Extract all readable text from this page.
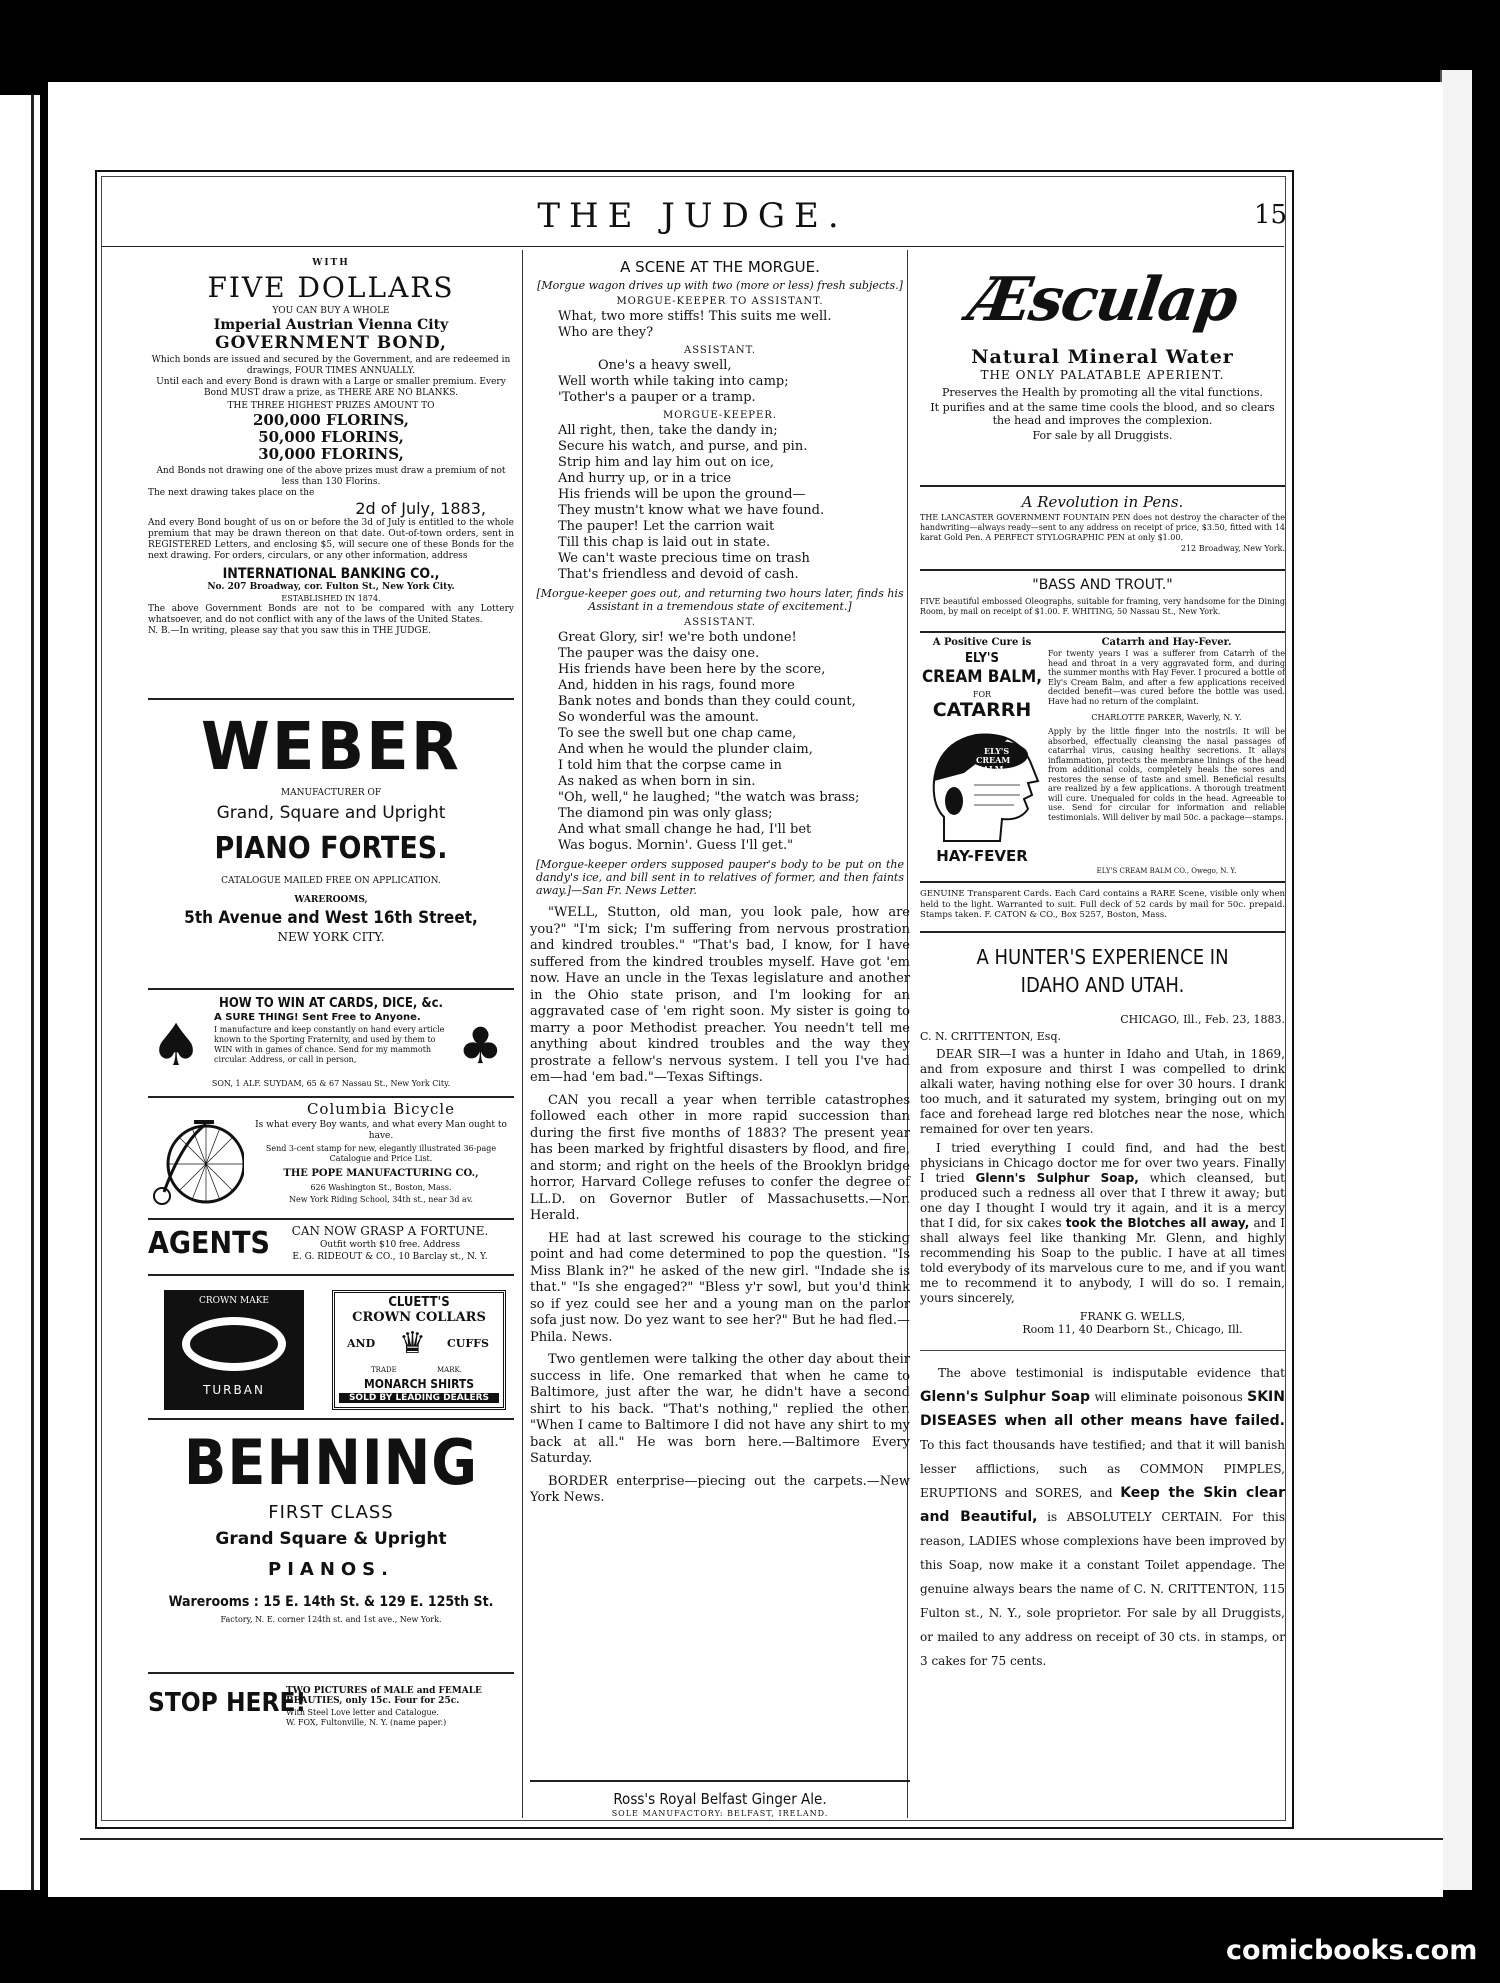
THE JUDGE.	15
WITH
FIVE DOLLARS
YOU CAN BUY A WHOLE
Imperial Austrian Vienna City
GOVERNMENT BOND,
Which bonds are issued and secured by the Government, and are redeemed in drawings, FOUR TIMES ANNUALLY.
Until each and every Bond is drawn with a Large or smaller premium. Every Bond MUST draw a prize, as THERE ARE NO BLANKS.
THE THREE HIGHEST PRIZES AMOUNT TO
200,000 FLORINS,
50,000 FLORINS,
30,000 FLORINS,
And Bonds not drawing one of the above prizes must draw a premium of not less than 130 Florins.
The next drawing takes place on the
2d of July, 1883,
And every Bond bought of us on or before the 3d of July is entitled to the whole premium that may be drawn thereon on that date. Out-of-town orders, sent in REGISTERED Letters, and enclosing $5, will secure one of these Bonds for the next drawing. For orders, circulars, or any other information, address
INTERNATIONAL BANKING CO.,
No. 207 Broadway, cor. Fulton St., New York City.
ESTABLISHED IN 1874.
The above Government Bonds are not to be compared with any Lottery whatsoever, and do not conflict with any of the laws of the United States.
N. B.—In writing, please say that you saw this in THE JUDGE.
WEBER
MANUFACTURER OF
Grand, Square and Upright
PIANO FORTES.
CATALOGUE MAILED FREE ON APPLICATION.
WAREROOMS,
5th Avenue and West 16th Street,
NEW YORK CITY.
HOW TO WIN AT CARDS, DICE, &c.
♠	♣
A SURE THING! Sent Free to Anyone.
I manufacture and keep constantly on hand every article known to the Sporting Fraternity, and used by them to WIN with in games of chance. Send for my mammoth circular. Address, or call in person,
SON, 1 ALF. SUYDAM, 65 & 67 Nassau St., New York City.
Columbia Bicycle
Is what every Boy wants, and what every Man ought to have.
Send 3-cent stamp for new, elegantly illustrated 36-page Catalogue and Price List.
THE POPE MANUFACTURING CO.,
626 Washington St., Boston, Mass.
New York Riding School, 34th st., near 3d av.
AGENTS	CAN NOW GRASP A FORTUNE.
Outfit worth $10 free. Address
E. G. RIDEOUT & CO., 10 Barclay st., N. Y.
CROWN MAKE
TURBAN
CLUETT'S
CROWN COLLARS
AND ♛ CUFFS
TRADE	MARK.
MONARCH SHIRTS
SOLD BY LEADING DEALERS
BEHNING
FIRST CLASS
Grand Square & Upright
PIANOS.
Warerooms : 15 E. 14th St. & 129 E. 125th St.
Factory, N. E. corner 124th st. and 1st ave., New York.
STOP HERE!
TWO PICTURES of MALE and FEMALE BEAUTIES, only 15c. Four for 25c.
With Steel Love letter and Catalogue.
W. FOX, Fultonville, N. Y. (name paper.)
A SCENE AT THE MORGUE.
[Morgue wagon drives up with two (more or less) fresh subjects.]
MORGUE-KEEPER TO ASSISTANT.
What, two more stiffs! This suits me well.
Who are they?
ASSISTANT.
One's a heavy swell,
Well worth while taking into camp;
'Tother's a pauper or a tramp.
MORGUE-KEEPER.
All right, then, take the dandy in;
Secure his watch, and purse, and pin.
Strip him and lay him out on ice,
And hurry up, or in a trice
His friends will be upon the ground—
They mustn't know what we have found.
The pauper! Let the carrion wait
Till this chap is laid out in state.
We can't waste precious time on trash
That's friendless and devoid of cash.
[Morgue-keeper goes out, and returning two hours later, finds his Assistant in a tremendous state of excitement.]
ASSISTANT.
Great Glory, sir! we're both undone!
The pauper was the daisy one.
His friends have been here by the score,
And, hidden in his rags, found more
Bank notes and bonds than they could count,
So wonderful was the amount.
To see the swell but one chap came,
And when he would the plunder claim,
I told him that the corpse came in
As naked as when born in sin.
"Oh, well," he laughed; "the watch was brass;
The diamond pin was only glass;
And what small change he had, I'll bet
Was bogus. Mornin'. Guess I'll get."
[Morgue-keeper orders supposed pauper's body to be put on the dandy's ice, and bill sent in to relatives of former, and then faints away.]—San Fr. News Letter.
"WELL, Stutton, old man, you look pale, how are you?" "I'm sick; I'm suffering from nervous prostration and kindred troubles." "That's bad, I know, for I have suffered from the kindred troubles myself. Have got 'em now. Have an uncle in the Texas legislature and another in the Ohio state prison, and I'm looking for an aggravated case of 'em right soon. My sister is going to marry a poor Methodist preacher. You needn't tell me anything about kindred troubles and the way they prostrate a fellow's nervous system. I tell you I've had em—had 'em bad."—Texas Siftings.
CAN you recall a year when terrible catastrophes followed each other in more rapid succession than during the first five months of 1883? The present year has been marked by frightful disasters by flood, and fire, and storm; and right on the heels of the Brooklyn bridge horror, Harvard College refuses to confer the degree of LL.D. on Governor Butler of Massachusetts.—Nor. Herald.
HE had at last screwed his courage to the sticking point and had come determined to pop the question. "Is Miss Blank in?" he asked of the new girl. "Indade she is that." "Is she engaged?" "Bless y'r sowl, but you'd think so if yez could see her and a young man on the parlor sofa just now. Do yez want to see her?" But he had fled.—Phila. News.
Two gentlemen were talking the other day about their success in life. One remarked that when he came to Baltimore, just after the war, he didn't have a second shirt to his back. "That's nothing," replied the other. "When I came to Baltimore I did not have any shirt to my back at all." He was born here.—Baltimore Every Saturday.
BORDER enterprise—piecing out the carpets.—New York News.
Ross's Royal Belfast Ginger Ale.
SOLE MANUFACTORY: BELFAST, IRELAND.
Æsculap
Natural Mineral Water
THE ONLY PALATABLE APERIENT.
Preserves the Health by promoting all the vital functions.
It purifies and at the same time cools the blood, and so clears the head and improves the complexion.
For sale by all Druggists.
A Revolution in Pens.
THE LANCASTER GOVERNMENT FOUNTAIN PEN does not destroy the character of the handwriting—always ready—sent to any address on receipt of price, $3.50, fitted with 14 karat Gold Pen. A PERFECT STYLOGRAPHIC PEN at only $1.00.
212 Broadway, New York.
"BASS AND TROUT."
FIVE beautiful embossed Oleographs, suitable for framing, very handsome for the Dining Room, by mail on receipt of $1.00. F. WHITING, 50 Nassau St., New York.
A Positive Cure is
ELY'S
CREAM BALM,
FOR
CATARRH
ELY'S
CREAM BALM
HAY-FEVER
Catarrh and Hay-Fever.
For twenty years I was a sufferer from Catarrh of the head and throat in a very aggravated form, and during the summer months with Hay Fever. I procured a bottle of Ely's Cream Balm, and after a few applications received decided benefit—was cured before the bottle was used. Have had no return of the complaint.
CHARLOTTE PARKER, Waverly, N. Y.
Apply by the little finger into the nostrils. It will be absorbed, effectually cleansing the nasal passages of catarrhal virus, causing healthy secretions. It allays inflammation, protects the membrane linings of the head from additional colds, completely heals the sores and restores the sense of taste and smell. Beneficial results are realized by a few applications. A thorough treatment will cure. Unequaled for colds in the head. Agreeable to use. Send for circular for information and reliable testimonials. Will deliver by mail 50c. a package—stamps.
ELY'S CREAM BALM CO., Owego, N. Y.
GENUINE Transparent Cards. Each Card contains a RARE Scene, visible only when held to the light. Warranted to suit. Full deck of 52 cards by mail for 50c. prepaid. Stamps taken. F. CATON & CO., Box 5257, Boston, Mass.
A HUNTER'S EXPERIENCE IN
IDAHO AND UTAH.
CHICAGO, Ill., Feb. 23, 1883.
C. N. CRITTENTON, Esq.
DEAR SIR—I was a hunter in Idaho and Utah, in 1869, and from exposure and thirst I was compelled to drink alkali water, having nothing else for over 30 hours. I drank too much, and it saturated my system, bringing out on my face and forehead large red blotches near the nose, which remained for over ten years.
I tried everything I could find, and had the best physicians in Chicago doctor me for over two years. Finally I tried Glenn's Sulphur Soap, which cleansed, but produced such a redness all over that I threw it away; but one day I thought I would try it again, and it is a mercy that I did, for six cakes took the Blotches all away, and I shall always feel like thanking Mr. Glenn, and highly recommending his Soap to the public. I have at all times told everybody of its marvelous cure to me, and if you want me to recommend it to anybody, I will do so. I remain, yours sincerely,
FRANK G. WELLS,
Room 11, 40 Dearborn St., Chicago, Ill.
The above testimonial is indisputable evidence that Glenn's Sulphur Soap will eliminate poisonous SKIN DISEASES when all other means have failed. To this fact thousands have testified; and that it will banish lesser afflictions, such as COMMON PIMPLES, ERUPTIONS and SORES, and Keep the Skin clear and Beautiful, is ABSOLUTELY CERTAIN. For this reason, LADIES whose complexions have been improved by this Soap, now make it a constant Toilet appendage. The genuine always bears the name of C. N. CRITTENTON, 115 Fulton st., N. Y., sole proprietor. For sale by all Druggists, or mailed to any address on receipt of 30 cts. in stamps, or 3 cakes for 75 cents.
comicbooks.com
